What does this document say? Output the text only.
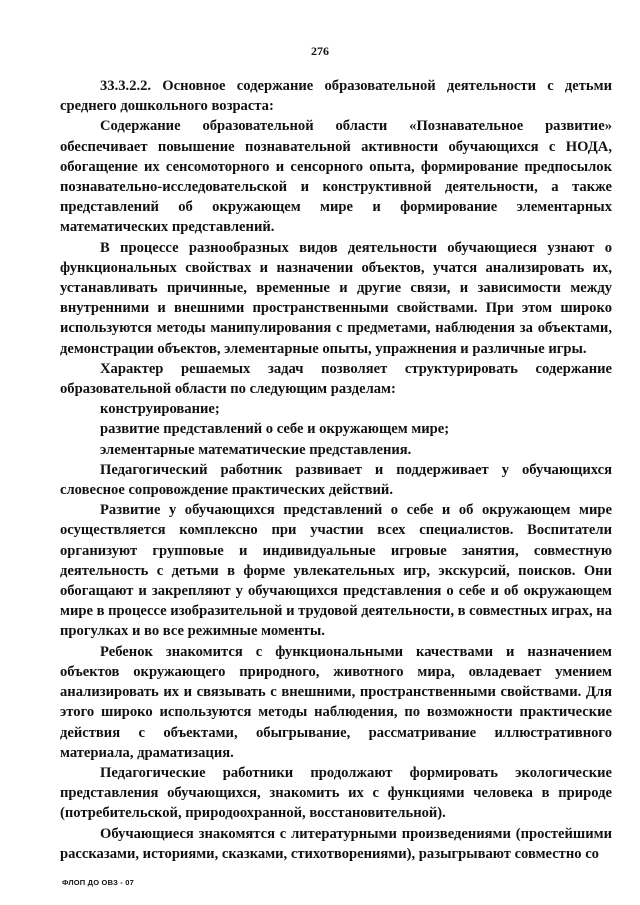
276

33.3.2.2. Основное содержание образовательной деятельности с детьми среднего дошкольного возраста:

Содержание образовательной области «Познавательное развитие» обеспечивает повышение познавательной активности обучающихся с НОДА, обогащение их сенсомоторного и сенсорного опыта, формирование предпосылок познавательно-исследовательской и конструктивной деятельности, а также представлений об окружающем мире и формирование элементарных математических представлений.

В процессе разнообразных видов деятельности обучающиеся узнают о функциональных свойствах и назначении объектов, учатся анализировать их, устанавливать причинные, временные и другие связи, и зависимости между внутренними и внешними пространственными свойствами. При этом широко используются методы манипулирования с предметами, наблюдения за объектами, демонстрации объектов, элементарные опыты, упражнения и различные игры.

Характер решаемых задач позволяет структурировать содержание образовательной области по следующим разделам:

конструирование;

развитие представлений о себе и окружающем мире;

элементарные математические представления.

Педагогический работник развивает и поддерживает у обучающихся словесное сопровождение практических действий.

Развитие у обучающихся представлений о себе и об окружающем мире осуществляется комплексно при участии всех специалистов. Воспитатели организуют групповые и индивидуальные игровые занятия, совместную деятельность с детьми в форме увлекательных игр, экскурсий, поисков. Они обогащают и закрепляют у обучающихся представления о себе и об окружающем мире в процессе изобразительной и трудовой деятельности, в совместных играх, на прогулках и во все режимные моменты.

Ребенок знакомится с функциональными качествами и назначением объектов окружающего природного, животного мира, овладевает умением анализировать их и связывать с внешними, пространственными свойствами. Для этого широко используются методы наблюдения, по возможности практические действия с объектами, обыгрывание, рассматривание иллюстративного материала, драматизация.

Педагогические работники продолжают формировать экологические представления обучающихся, знакомить их с функциями человека в природе (потребительской, природоохранной, восстановительной).

Обучающиеся знакомятся с литературными произведениями (простейшими рассказами, историями, сказками, стихотворениями), разыгрывают совместно со

ФЛОП ДО ОВЗ - 07
